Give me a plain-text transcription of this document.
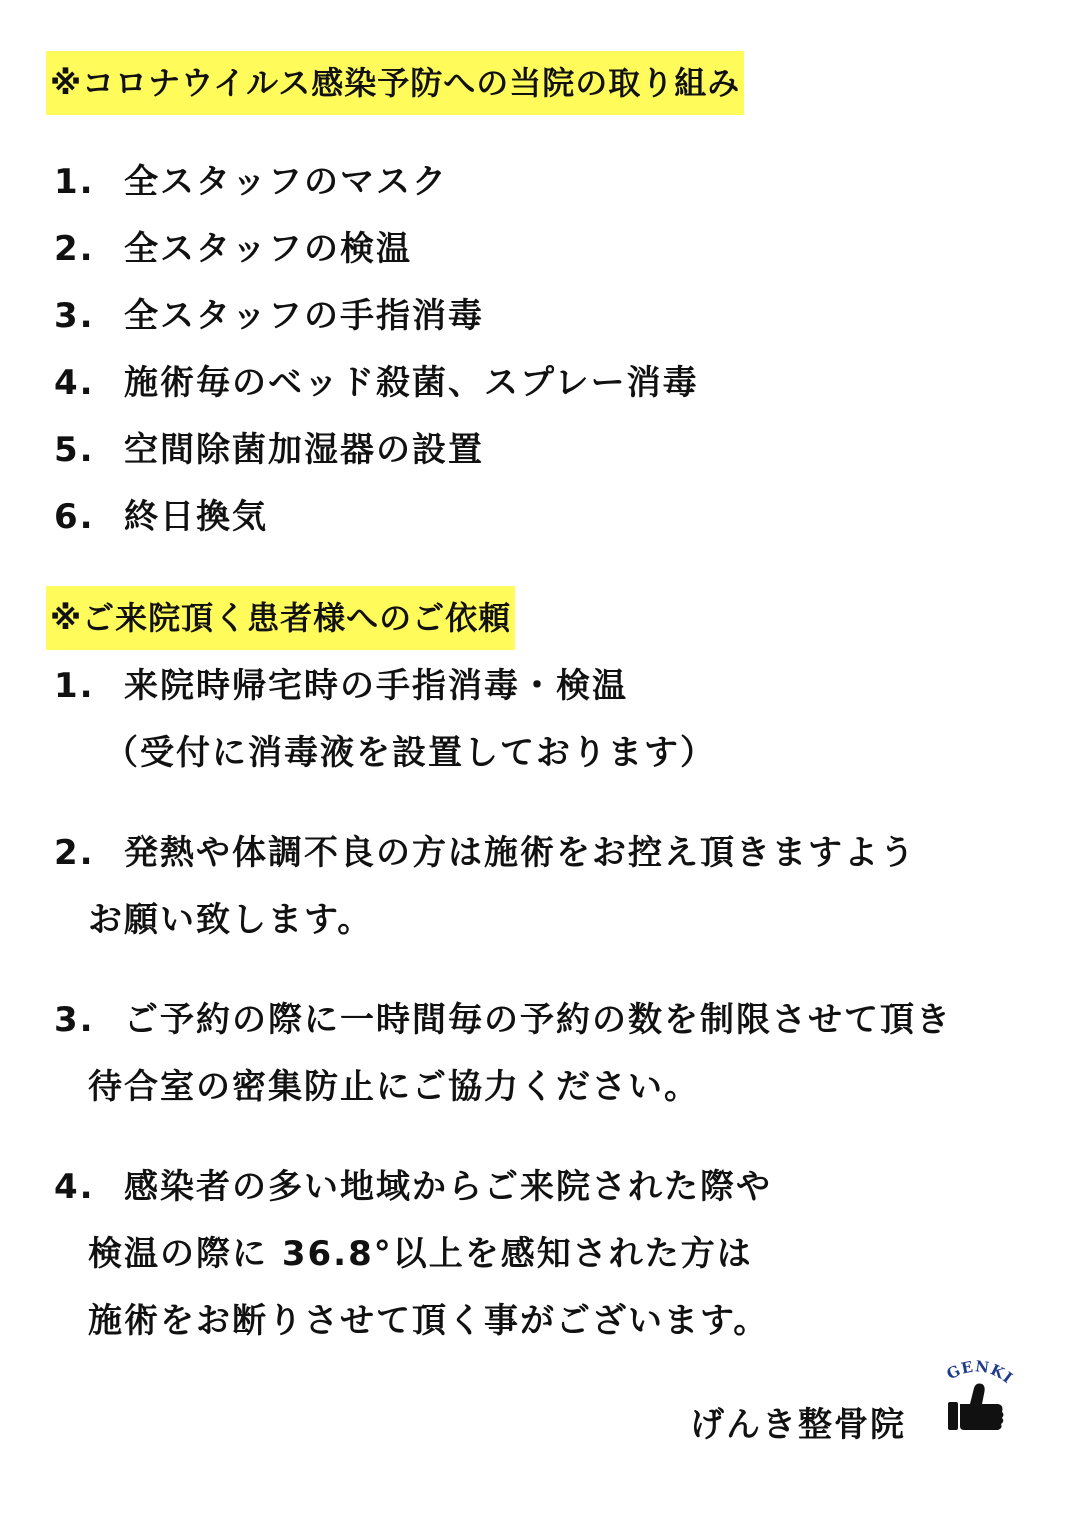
※コロナウイルス感染予防への当院の取り組み
1. 全スタッフのマスク
2. 全スタッフの検温
3. 全スタッフの手指消毒
4. 施術毎のベッド殺菌、スプレー消毒
5. 空間除菌加湿器の設置
6. 終日換気
※ご来院頂く患者様へのご依頼
1. 来院時帰宅時の手指消毒・検温
（受付に消毒液を設置しております）
2. 発熱や体調不良の方は施術をお控え頂きますよう
お願い致します。
3. ご予約の際に一時間毎の予約の数を制限させて頂き
待合室の密集防止にご協力ください。
4. 感染者の多い地域からご来院された際や
検温の際に 36.8°以上を感知された方は
施術をお断りさせて頂く事がございます。
げんき整骨院
GENKI
